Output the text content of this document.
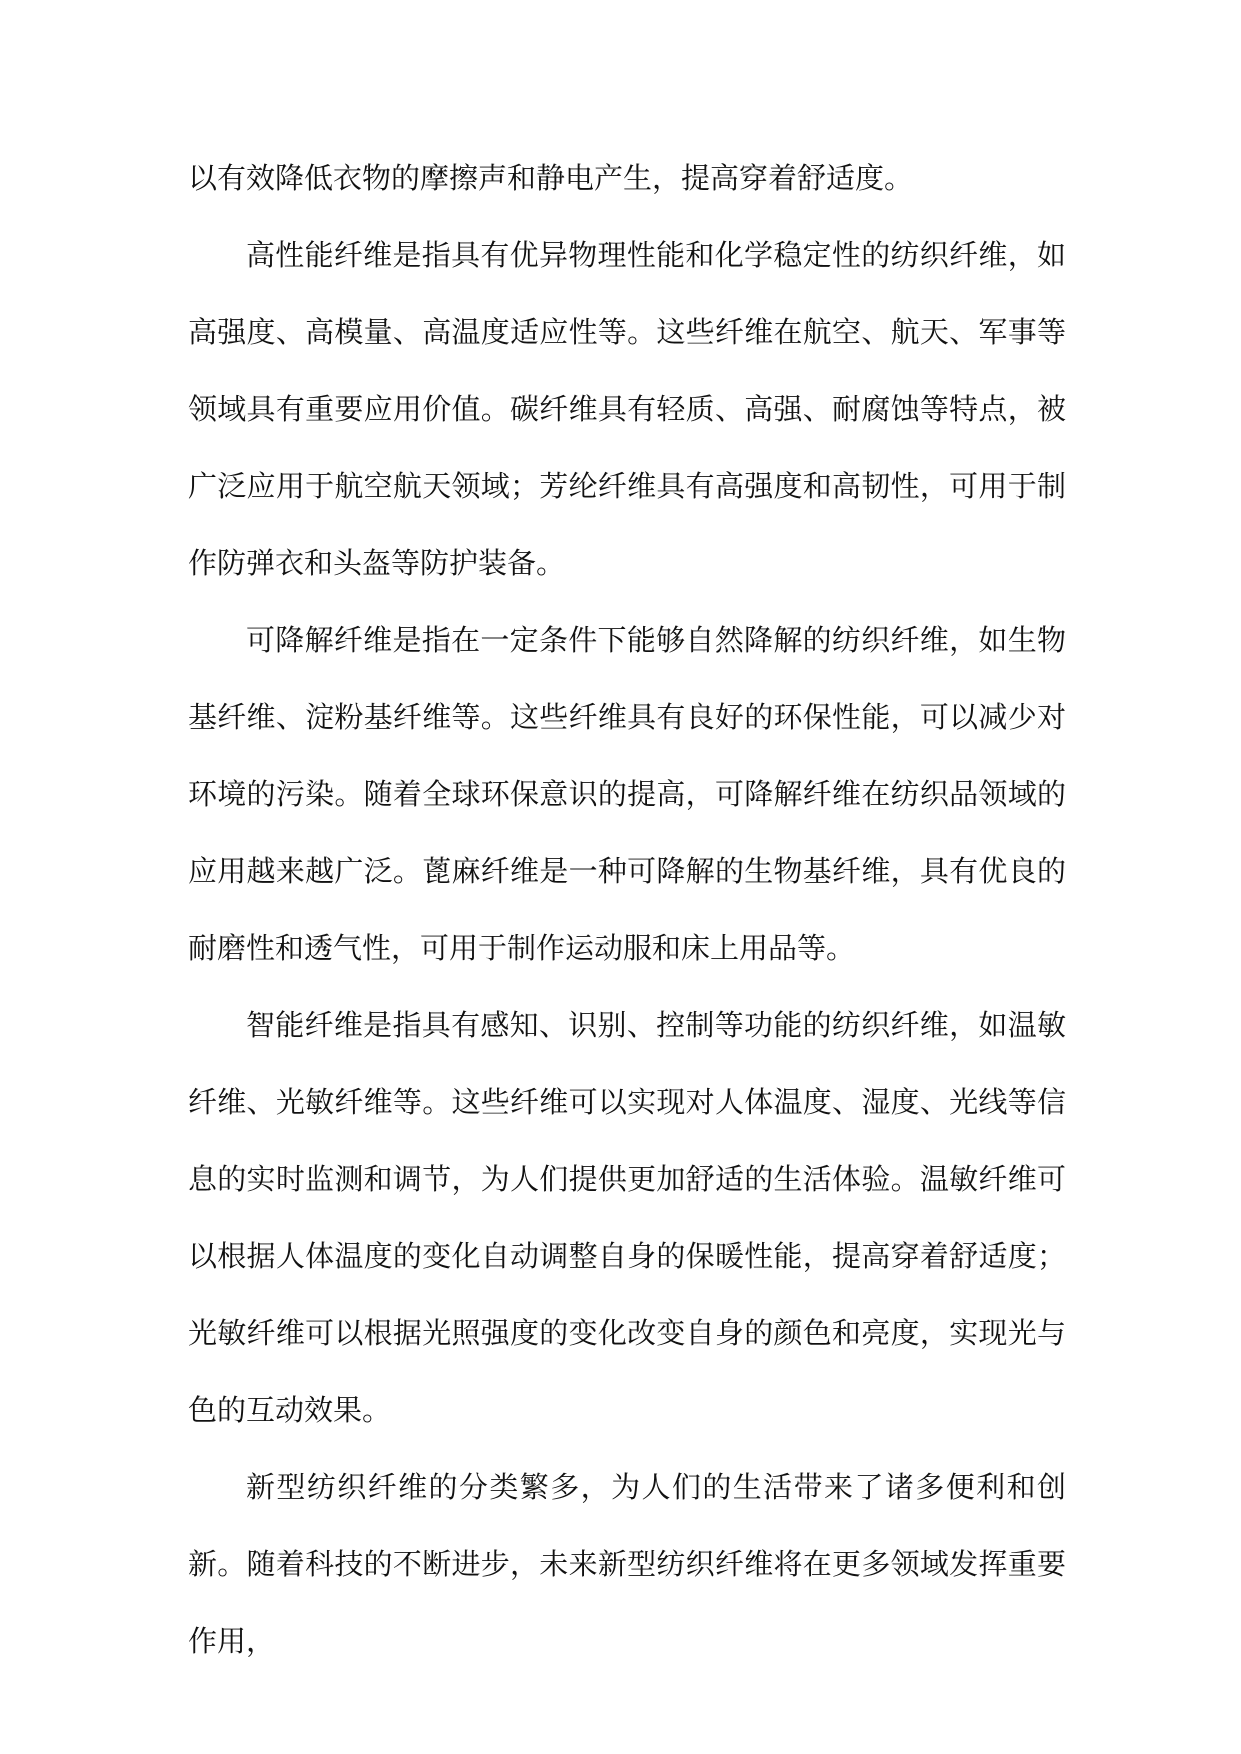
以有效降低衣物的摩擦声和静电产生，提高穿着舒适度。

高性能纤维是指具有优异物理性能和化学稳定性的纺织纤维，如高强度、高模量、高温度适应性等。这些纤维在航空、航天、军事等领域具有重要应用价值。碳纤维具有轻质、高强、耐腐蚀等特点，被广泛应用于航空航天领域；芳纶纤维具有高强度和高韧性，可用于制作防弹衣和头盔等防护装备。

可降解纤维是指在一定条件下能够自然降解的纺织纤维，如生物基纤维、淀粉基纤维等。这些纤维具有良好的环保性能，可以减少对环境的污染。随着全球环保意识的提高，可降解纤维在纺织品领域的应用越来越广泛。蓖麻纤维是一种可降解的生物基纤维，具有优良的耐磨性和透气性，可用于制作运动服和床上用品等。

智能纤维是指具有感知、识别、控制等功能的纺织纤维，如温敏纤维、光敏纤维等。这些纤维可以实现对人体温度、湿度、光线等信息的实时监测和调节，为人们提供更加舒适的生活体验。温敏纤维可以根据人体温度的变化自动调整自身的保暖性能，提高穿着舒适度；光敏纤维可以根据光照强度的变化改变自身的颜色和亮度，实现光与色的互动效果。

新型纺织纤维的分类繁多，为人们的生活带来了诸多便利和创新。随着科技的不断进步，未来新型纺织纤维将在更多领域发挥重要作用，
